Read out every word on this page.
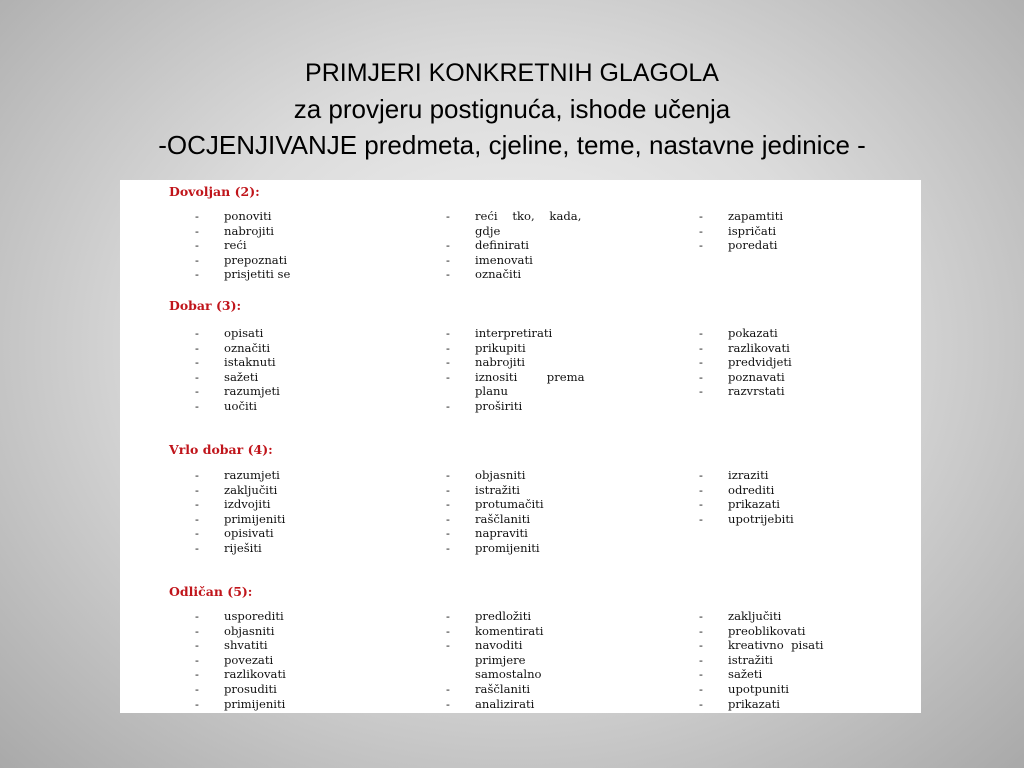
PRIMJERI KONKRETNIH GLAGOLA
za provjeru postignuća, ishode učenja
-OCJENJIVANJE predmeta, cjeline, teme, nastavne jedinice -
Dovoljan (2):
- ponoviti
- nabrojiti
- reći
- prepoznati
- prisjetiti se
- reći    tko,    kada,
gdje
- definirati
- imenovati
- označiti
- zapamtiti
- ispričati
- poredati
Dobar (3):
- opisati
- označiti
- istaknuti
- sažeti
- razumjeti
- uočiti
- interpretirati
- prikupiti
- nabrojiti
- iznositi        prema
planu
- proširiti
- pokazati
- razlikovati
- predvidjeti
- poznavati
- razvrstati
Vrlo dobar (4):
- razumjeti
- zaključiti
- izdvojiti
- primijeniti
- opisivati
- riješiti
- objasniti
- istražiti
- protumačiti
- raščlaniti
- napraviti
- promijeniti
- izraziti
- odrediti
- prikazati
- upotrijebiti
Odličan (5):
- usporediti
- objasniti
- shvatiti
- povezati
- razlikovati
- prosuditi
- primijeniti
- predložiti
- komentirati
- navoditi
primjere
samostalno
- raščlaniti
- analizirati
- zaključiti
- preoblikovati
- kreativno  pisati
- istražiti
- sažeti
- upotpuniti
- prikazati
